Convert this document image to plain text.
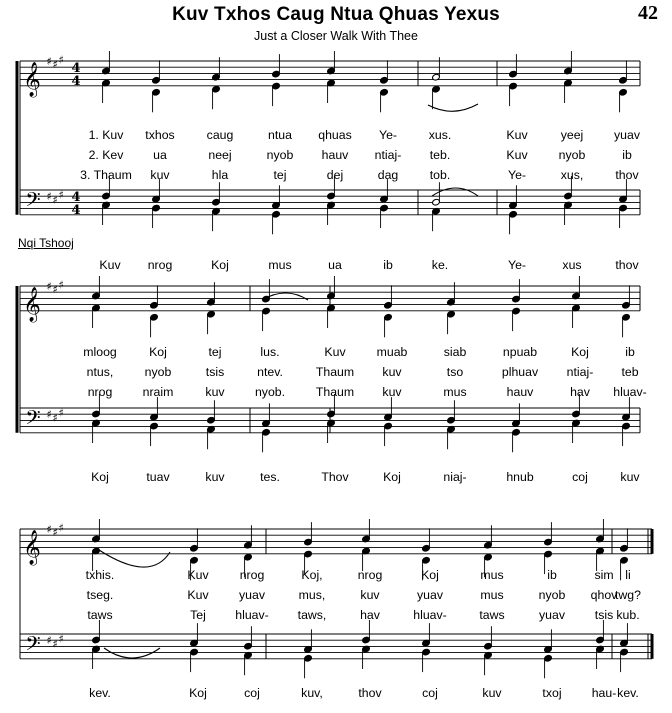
Kuv Txhos Caug Ntua Qhuas Yexus
Just a Closer Walk With Thee
42
Nqi Tshooj
𝄞
♯ ♯ ♯
4
4
𝄢 ♯ ♯ ♯ 4
4
𝄞
♯ ♯ ♯
𝄢 ♯ ♯ ♯
𝄞
♯ ♯ ♯
𝄢 ♯ ♯ ♯
1. Kuv txhos	caug	ntua qhuas Ye-	xus.	Kuv	yeej yuav
2. Kev ua	neej	nyob hauv ntiaj- teb.	Kuv	nyob	ib
3. Thaum kuv	hla	tej	dej	dag	tob.	Ye-	xus,	thov
Kuv nrog	Koj	mus	ua	ib	ke.	Ye-	xus	thov
mloog	Koj	tej	lus.	Kuv	muab	siab	npuab	Koj	ib
ntus,	nyob	tsis	ntev.	Thaum kuv	tso	plhuav ntiaj- teb
nrog nraim	kuv nyob.	Thaum kuv	mus	hauv	hav hluav-
Koj	tuav	kuv	tes.	Thov	Koj	niaj-	hnub	coj	kuv
txhis.	Kuv	nrog	Koj,	nrog	Koj	mus	ib	sim li
tseg.	Kuv yuav	mus,	kuv	yuav	mus	nyob qhov
twg?
taws	Tej hluav- taws,	hav	hluav-	taws	yuav tsis kub.
kev.	Koj	coj	kuv,	thov	coj	kuv	txoj hau- kev.
